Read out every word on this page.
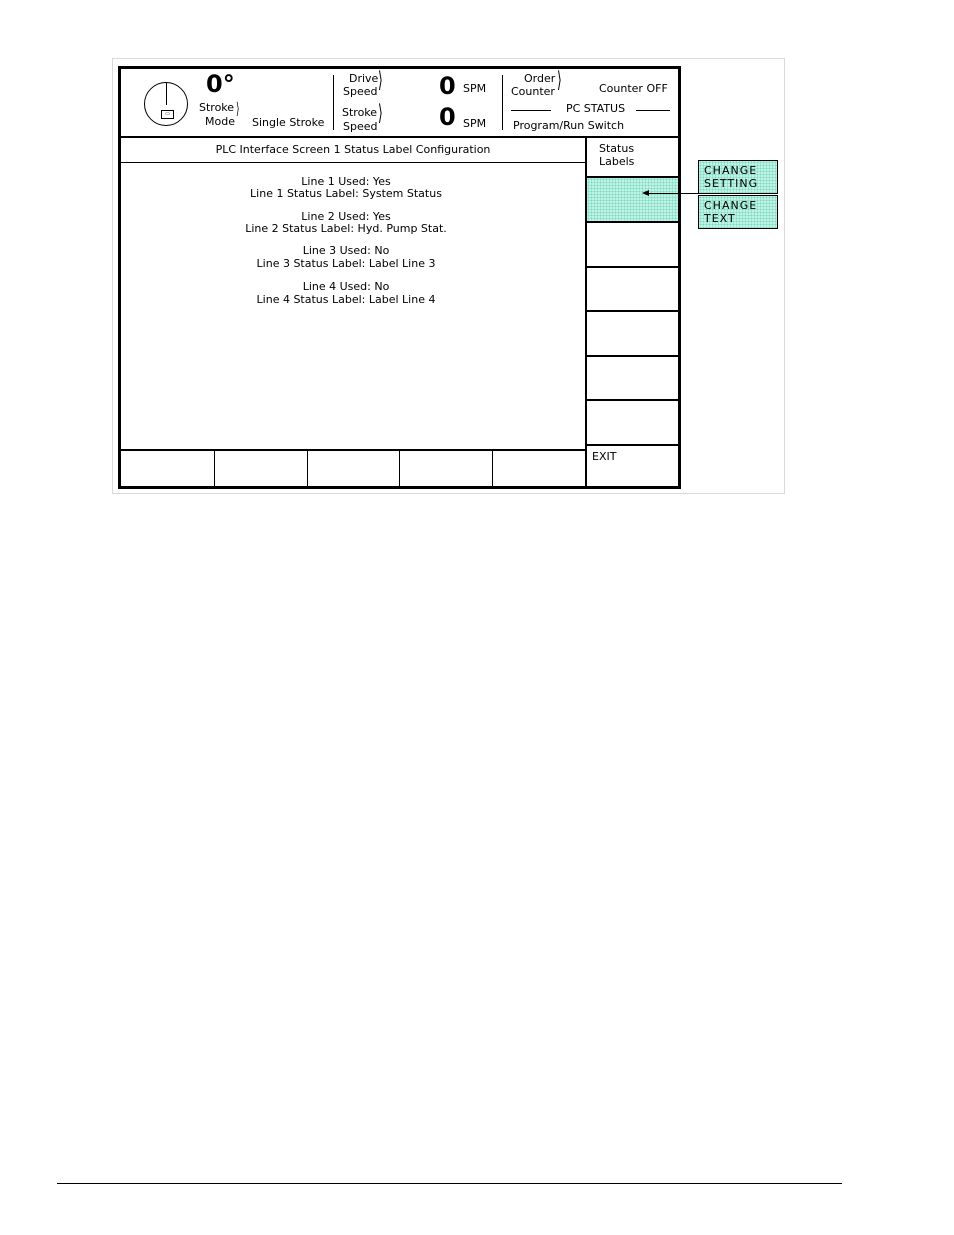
▭
0°
Stroke
Mode
⟩
Single Stroke
Drive
Speed ⟩ 0 SPM
Stroke
Speed
⟩ 0 SPM
Order
Counter ⟩	Counter OFF
PC STATUS
Program/Run Switch
PLC Interface Screen 1 Status Label Configuration
Line 1 Used: Yes
Line 1 Status Label: System Status
Line 2 Used: Yes
Line 2 Status Label: Hyd. Pump Stat.
Line 3 Used: No
Line 3 Status Label: Label Line 3
Line 4 Used: No
Line 4 Status Label: Label Line 4
Status
Labels
EXIT
CHANGE
SETTING
CHANGE
TEXT
